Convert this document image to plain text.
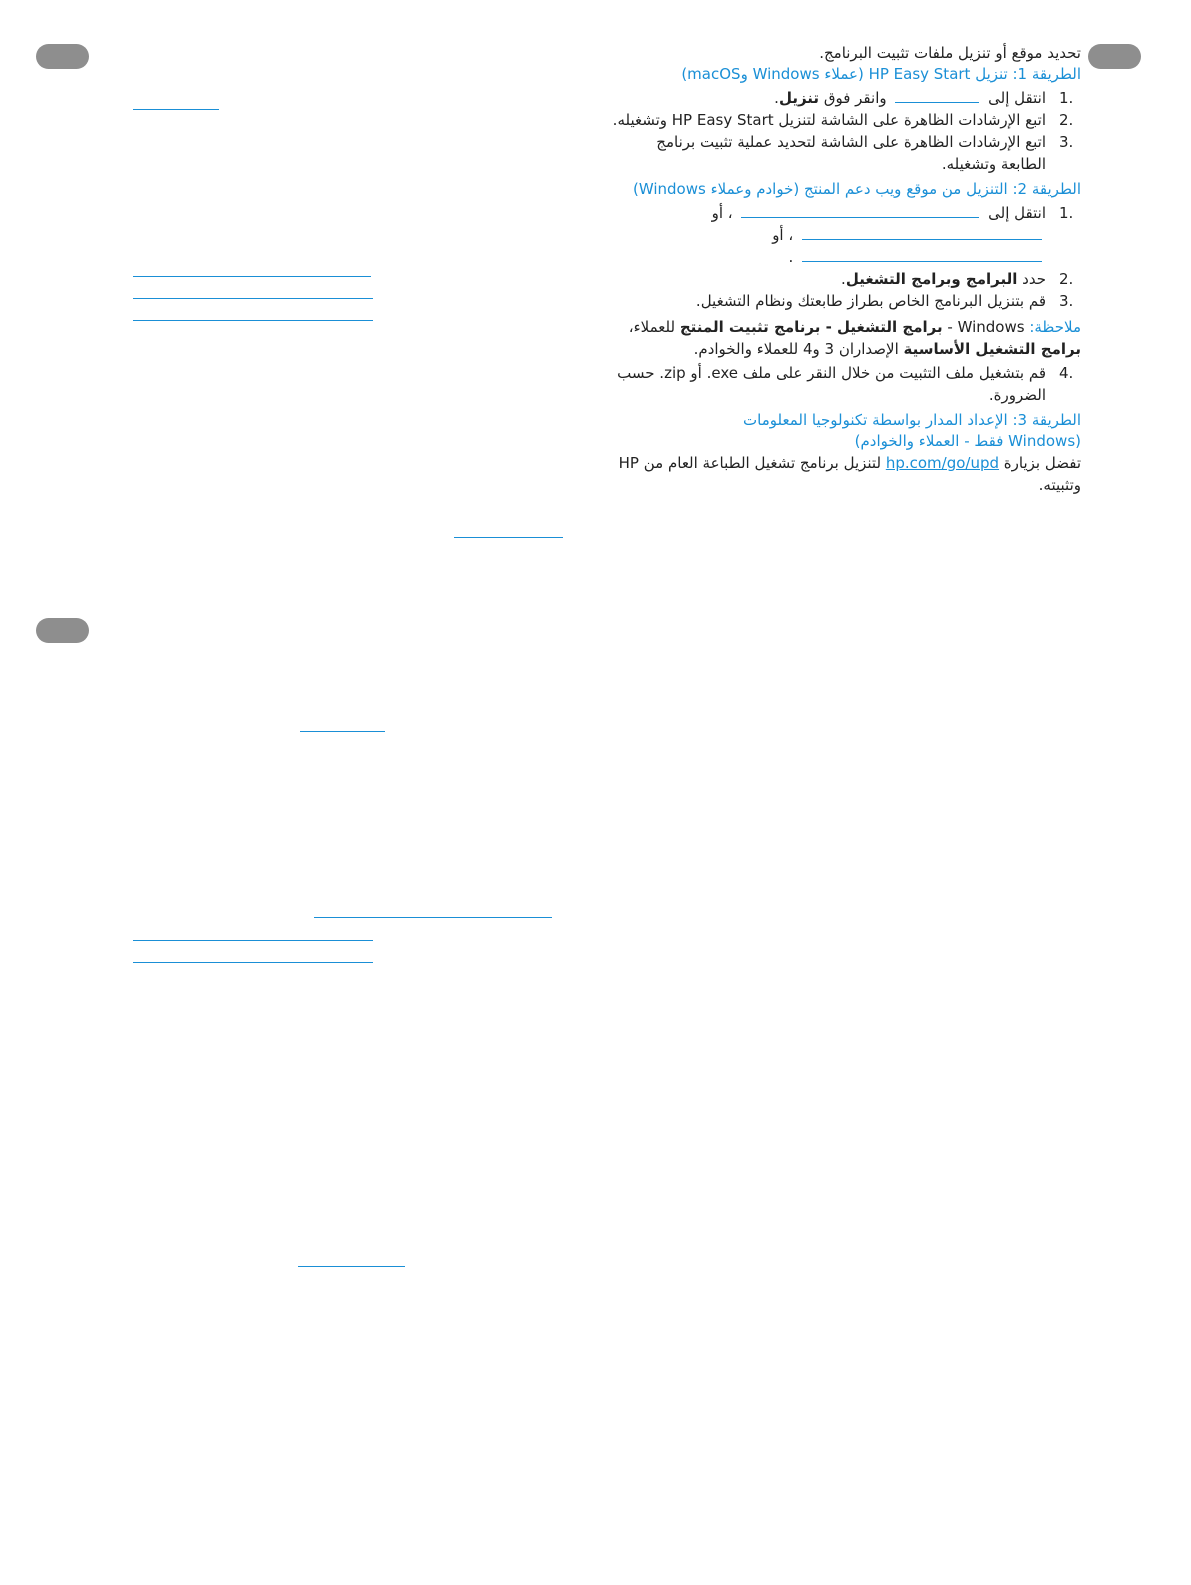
تحديد موقع أو تنزيل ملفات تثبيت البرنامج.

الطريقة 1: تنزيل HP Easy Start (عملاء Windows وmacOS)

1.
انتقل إلى  وانقر فوق تنزيل.
2.
اتبع الإرشادات الظاهرة على الشاشة لتنزيل HP Easy Start وتشغيله.
3.
اتبع الإرشادات الظاهرة على الشاشة لتحديد عملية تثبيت برنامج الطابعة وتشغيله.

الطريقة 2: التنزيل من موقع ويب دعم المنتج (خوادم وعملاء Windows)

1.
انتقل إلى  ، أو
، أو
.
2.
حدد البرامج وبرامج التشغيل.
3.
قم بتنزيل البرنامج الخاص بطراز طابعتك ونظام التشغيل.

ملاحظة: Windows - برامج التشغيل - برنامج تثبيت المنتج للعملاء، برامج التشغيل الأساسية الإصداران 3 و4 للعملاء والخوادم.

4.
قم بتشغيل ملف التثبيت من خلال النقر على ملف exe. أو zip. حسب الضرورة.

الطريقة 3: الإعداد المدار بواسطة تكنولوجيا المعلومات
(Windows فقط - العملاء والخوادم)

تفضل بزيارة hp.com/go/upd لتنزيل برنامج تشغيل الطباعة العام من HP وتثبيته.
